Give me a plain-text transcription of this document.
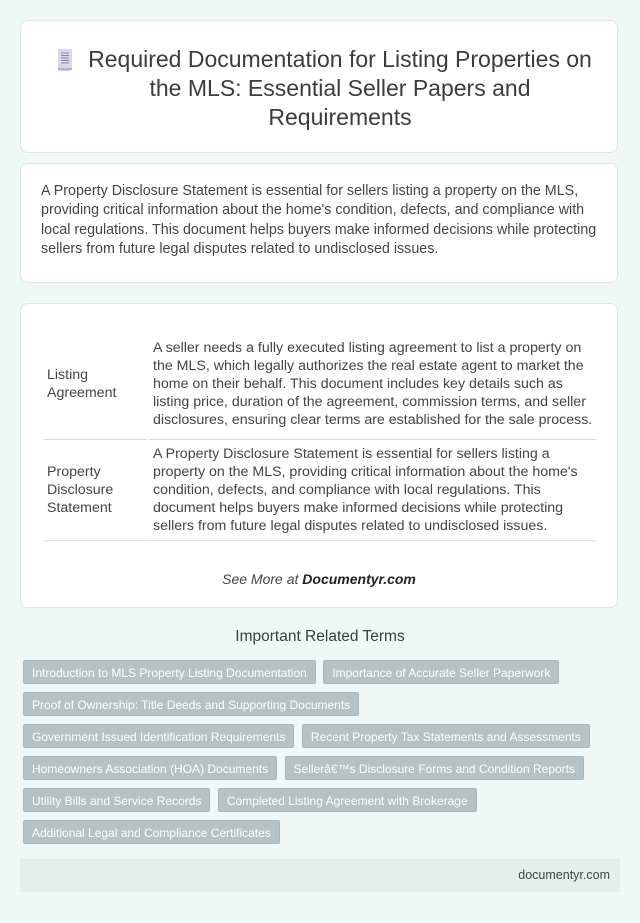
Required Documentation for Listing Properties on the MLS: Essential Seller Papers and Requirements

A Property Disclosure Statement is essential for sellers listing a property on the MLS, providing critical information about the home's condition, defects, and compliance with local regulations. This document helps buyers make informed decisions while protecting sellers from future legal disputes related to undisclosed issues.

Listing Agreement	A seller needs a fully executed listing agreement to list a property on the MLS, which legally authorizes the real estate agent to market the home on their behalf. This document includes key details such as listing price, duration of the agreement, commission terms, and seller disclosures, ensuring clear terms are established for the sale process.
Property Disclosure Statement	A Property Disclosure Statement is essential for sellers listing a property on the MLS, providing critical information about the home's condition, defects, and compliance with local regulations. This document helps buyers make informed decisions while protecting sellers from future legal disputes related to undisclosed issues.
See More at Documentyr.com
Important Related Terms
Introduction to MLS Property Listing Documentation Importance of Accurate Seller Paperwork
Proof of Ownership: Title Deeds and Supporting Documents
Government Issued Identification Requirements Recent Property Tax Statements and Assessments
Homeowners Association (HOA) Documents Sellerâ€™s Disclosure Forms and Condition Reports
Utility Bills and Service Records Completed Listing Agreement with Brokerage
Additional Legal and Compliance Certificates
documentyr.com
